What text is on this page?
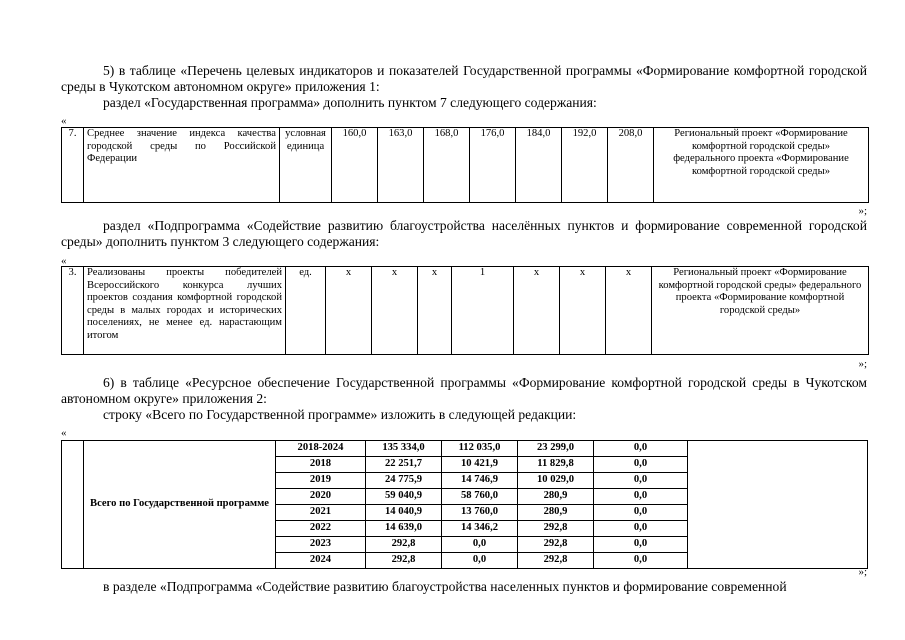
5) в таблице «Перечень целевых индикаторов и показателей Государственной программы «Формирование комфортной городской среды в Чукотском автономном округе» приложения 1:

раздел «Государственная программа» дополнить пунктом 7 следующего содержания:

«

7.	Среднее значение индекса качества городской среды по Российской Федерации	условная единица	160,0	163,0	168,0	176,0	184,0	192,0	208,0	Региональный проект «Формирование комфортной городской среды» федерального проекта «Формирование комфортной городской среды»

»;

раздел «Подпрограмма «Содействие развитию благоустройства населённых пунктов и формирование современной городской среды» дополнить пунктом 3 следующего содержания:

«

3.	Реализованы проекты победителей Всероссийского конкурса лучших проектов создания комфортной городской среды в малых городах и исторических поселениях, не менее ед. нарастающим итогом	ед.	х	х	х	1	х	х	х	Региональный проект «Формирование комфортной городской среды» федерального проекта «Формирование комфортной городской среды»

»;

6) в таблице «Ресурсное обеспечение Государственной программы «Формирование комфортной городской среды в Чукотском автономном округе» приложения 2:

строку «Всего по Государственной программе» изложить в следующей редакции:

«

	Всего по Государственной программе	2018-2024	135 334,0	112 035,0	23 299,0	0,0	
		2018	22 251,7	10 421,9	11 829,8	0,0	
		2019	24 775,9	14 746,9	10 029,0	0,0	
		2020	59 040,9	58 760,0	280,9	0,0	
		2021	14 040,9	13 760,0	280,9	0,0	
		2022	14 639,0	14 346,2	292,8	0,0	
		2023	292,8	0,0	292,8	0,0	
		2024	292,8	0,0	292,8	0,0	

»;

в разделе «Подпрограмма «Содействие развитию благоустройства населенных пунктов и формирование современной
